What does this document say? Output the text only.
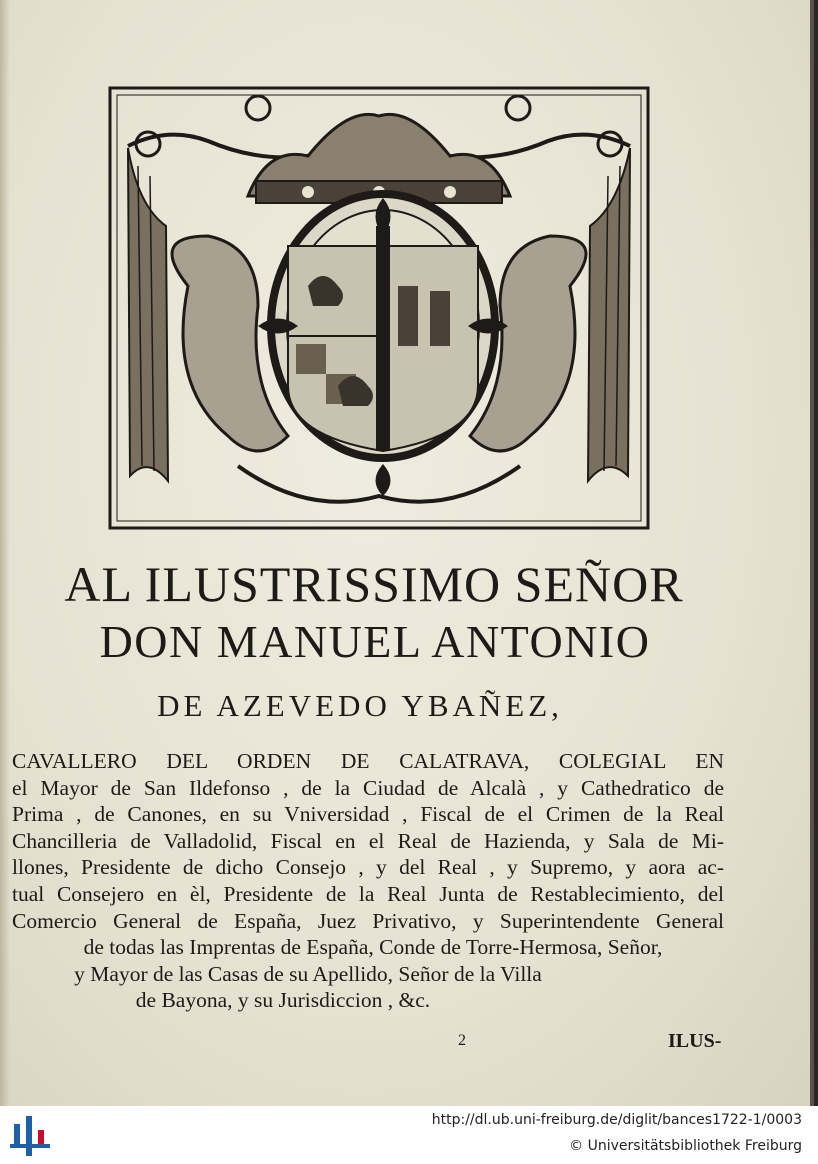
AL ILUSTRISSIMO SEÑOR
DON MANUEL ANTONIO
DE AZEVEDO YBAÑEZ,
CAVALLERO DEL ORDEN DE CALATRAVA, COLEGIAL EN
el Mayor de San Ildefonso , de la Ciudad de Alcalà , y Cathedratico de
Prima , de Canones, en su Vniversidad , Fiscal de el Crimen de la Real
Chancilleria de Valladolid, Fiscal en el Real de Hazienda, y Sala de Mi-
llones, Presidente de dicho Consejo , y del Real , y Supremo, y aora ac-
tual Consejero en èl, Presidente de la Real Junta de Restablecimiento, del
Comercio General de España, Juez Privativo, y Superintendente General
de todas las Imprentas de España, Conde de Torre-Hermosa, Señor,
y Mayor de las Casas de su Apellido, Señor de la Villa
de Bayona, y su Jurisdiccion , &c.
2	ILUS-
http://dl.ub.uni-freiburg.de/diglit/bances1722-1/0003
© Universitätsbibliothek Freiburg
